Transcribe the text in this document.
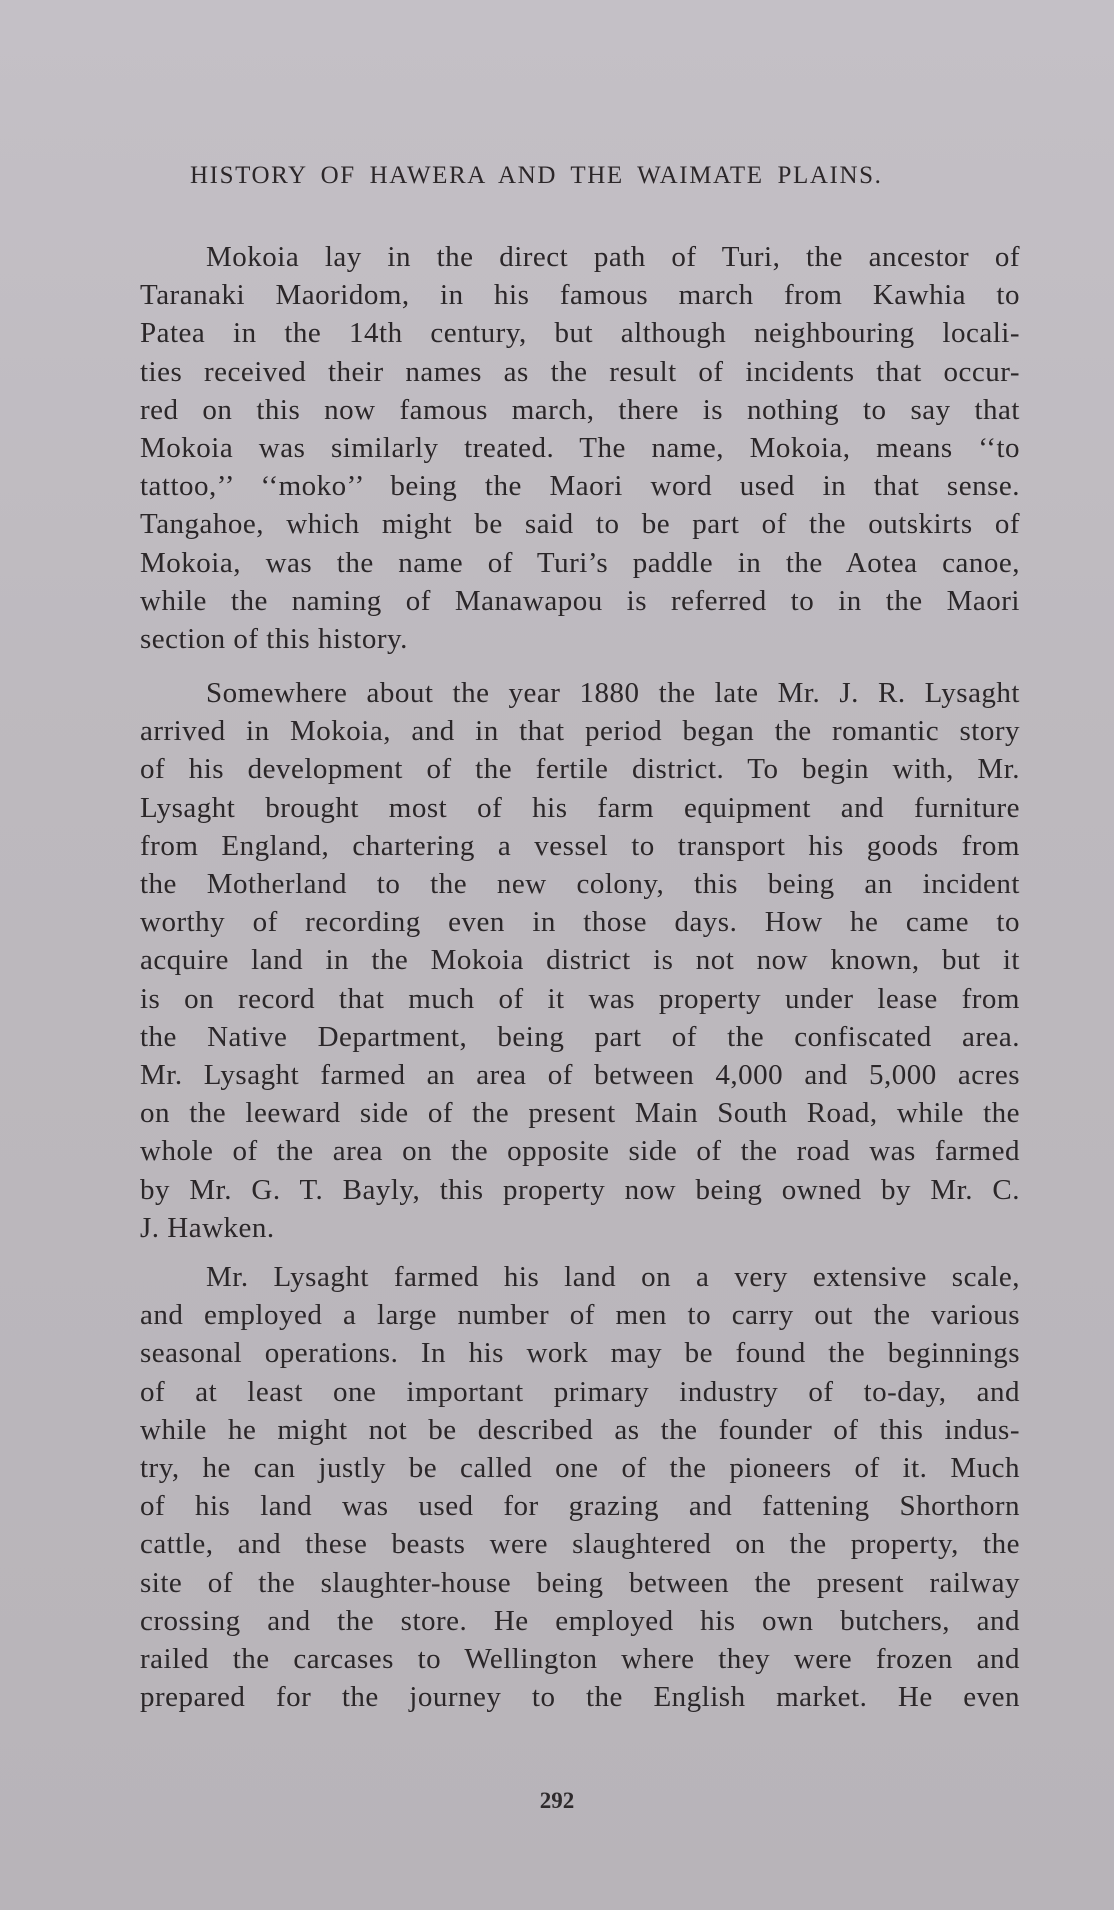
HISTORY OF HAWERA AND THE WAIMATE PLAINS.

Mokoia lay in the direct path of Turi, the ancestor of
Taranaki Maoridom, in his famous march from Kawhia to
Patea in the 14th century, but although neighbouring locali-
ties received their names as the result of incidents that occur-
red on this now famous march, there is nothing to say that
Mokoia was similarly treated. The name, Mokoia, means ‘‘to
tattoo,’’ ‘‘moko’’ being the Maori word used in that sense.
Tangahoe, which might be said to be part of the outskirts of
Mokoia, was the name of Turi’s paddle in the Aotea canoe,
while the naming of Manawapou is referred to in the Maori
section of this history.

Somewhere about the year 1880 the late Mr. J. R. Lysaght
arrived in Mokoia, and in that period began the romantic story
of his development of the fertile district. To begin with, Mr.
Lysaght brought most of his farm equipment and furniture
from England, chartering a vessel to transport his goods from
the Motherland to the new colony, this being an incident
worthy of recording even in those days. How he came to
acquire land in the Mokoia district is not now known, but it
is on record that much of it was property under lease from
the Native Department, being part of the confiscated area.
Mr. Lysaght farmed an area of between 4,000 and 5,000 acres
on the leeward side of the present Main South Road, while the
whole of the area on the opposite side of the road was farmed
by Mr. G. T. Bayly, this property now being owned by Mr. C.
J. Hawken.

Mr. Lysaght farmed his land on a very extensive scale,
and employed a large number of men to carry out the various
seasonal operations. In his work may be found the beginnings
of at least one important primary industry of to-day, and
while he might not be described as the founder of this indus-
try, he can justly be called one of the pioneers of it. Much
of his land was used for grazing and fattening Shorthorn
cattle, and these beasts were slaughtered on the property, the
site of the slaughter-house being between the present railway
crossing and the store. He employed his own butchers, and
railed the carcases to Wellington where they were frozen and
prepared for the journey to the English market. He even

292
